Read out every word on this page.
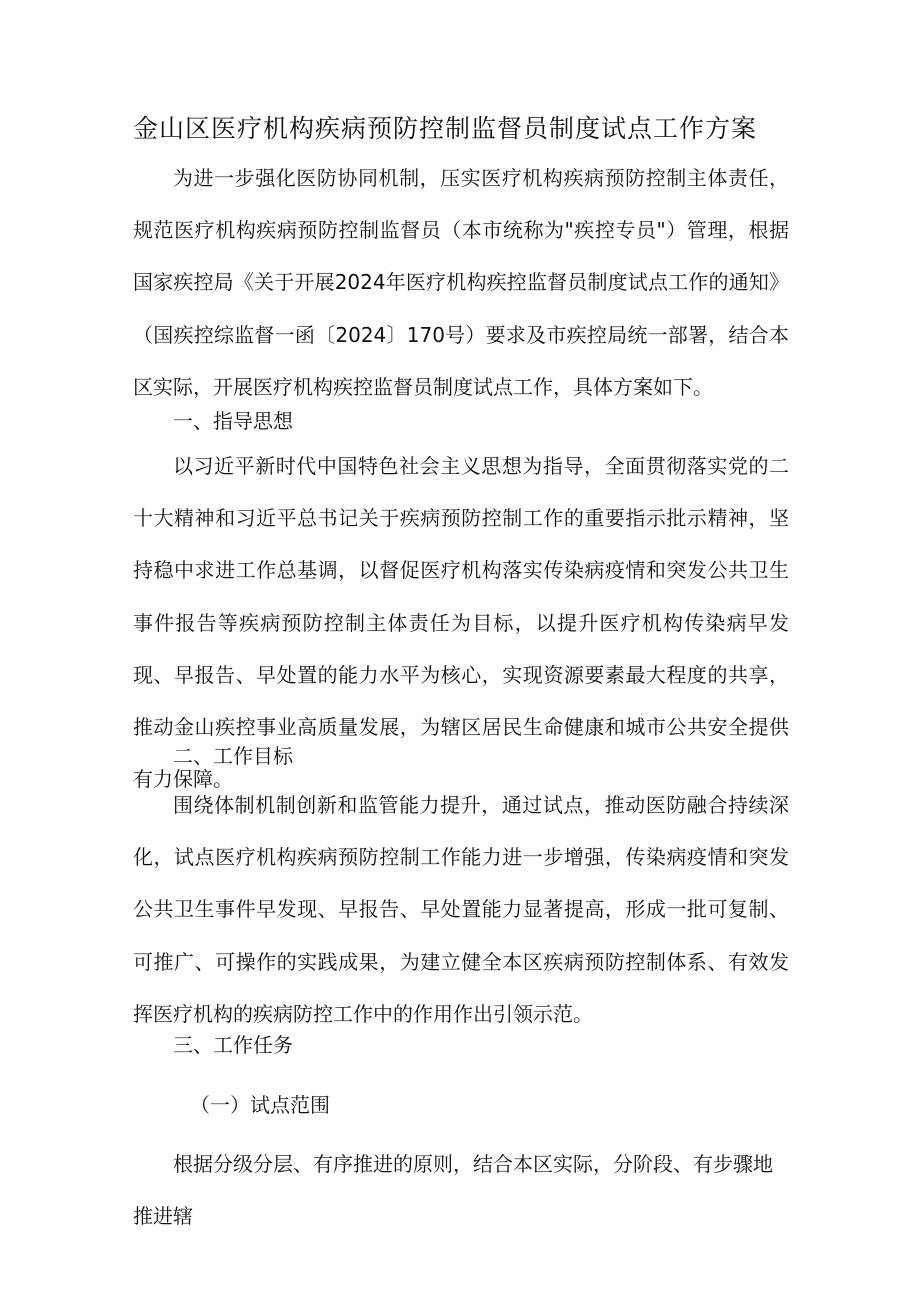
金山区医疗机构疾病预防控制监督员制度试点工作方案

为进一步强化医防协同机制，压实医疗机构疾病预防控制主体责任，规范医疗机构疾病预防控制监督员（本市统称为"疾控专员"）管理，根据国家疾控局《关于开展2024年医疗机构疾控监督员制度试点工作的通知》（国疾控综监督一函〔2024〕170号）要求及市疾控局统一部署，结合本区实际，开展医疗机构疾控监督员制度试点工作，具体方案如下。

一、指导思想

以习近平新时代中国特色社会主义思想为指导，全面贯彻落实党的二十大精神和习近平总书记关于疾病预防控制工作的重要指示批示精神，坚持稳中求进工作总基调，以督促医疗机构落实传染病疫情和突发公共卫生事件报告等疾病预防控制主体责任为目标，以提升医疗机构传染病早发现、早报告、早处置的能力水平为核心，实现资源要素最大程度的共享，推动金山疾控事业高质量发展，为辖区居民生命健康和城市公共安全提供有力保障。

二、工作目标

围绕体制机制创新和监管能力提升，通过试点，推动医防融合持续深化，试点医疗机构疾病预防控制工作能力进一步增强，传染病疫情和突发公共卫生事件早发现、早报告、早处置能力显著提高，形成一批可复制、可推广、可操作的实践成果，为建立健全本区疾病预防控制体系、有效发挥医疗机构的疾病防控工作中的作用作出引领示范。

三、工作任务
（一）试点范围

根据分级分层、有序推进的原则，结合本区实际，分阶段、有步骤地推进辖
